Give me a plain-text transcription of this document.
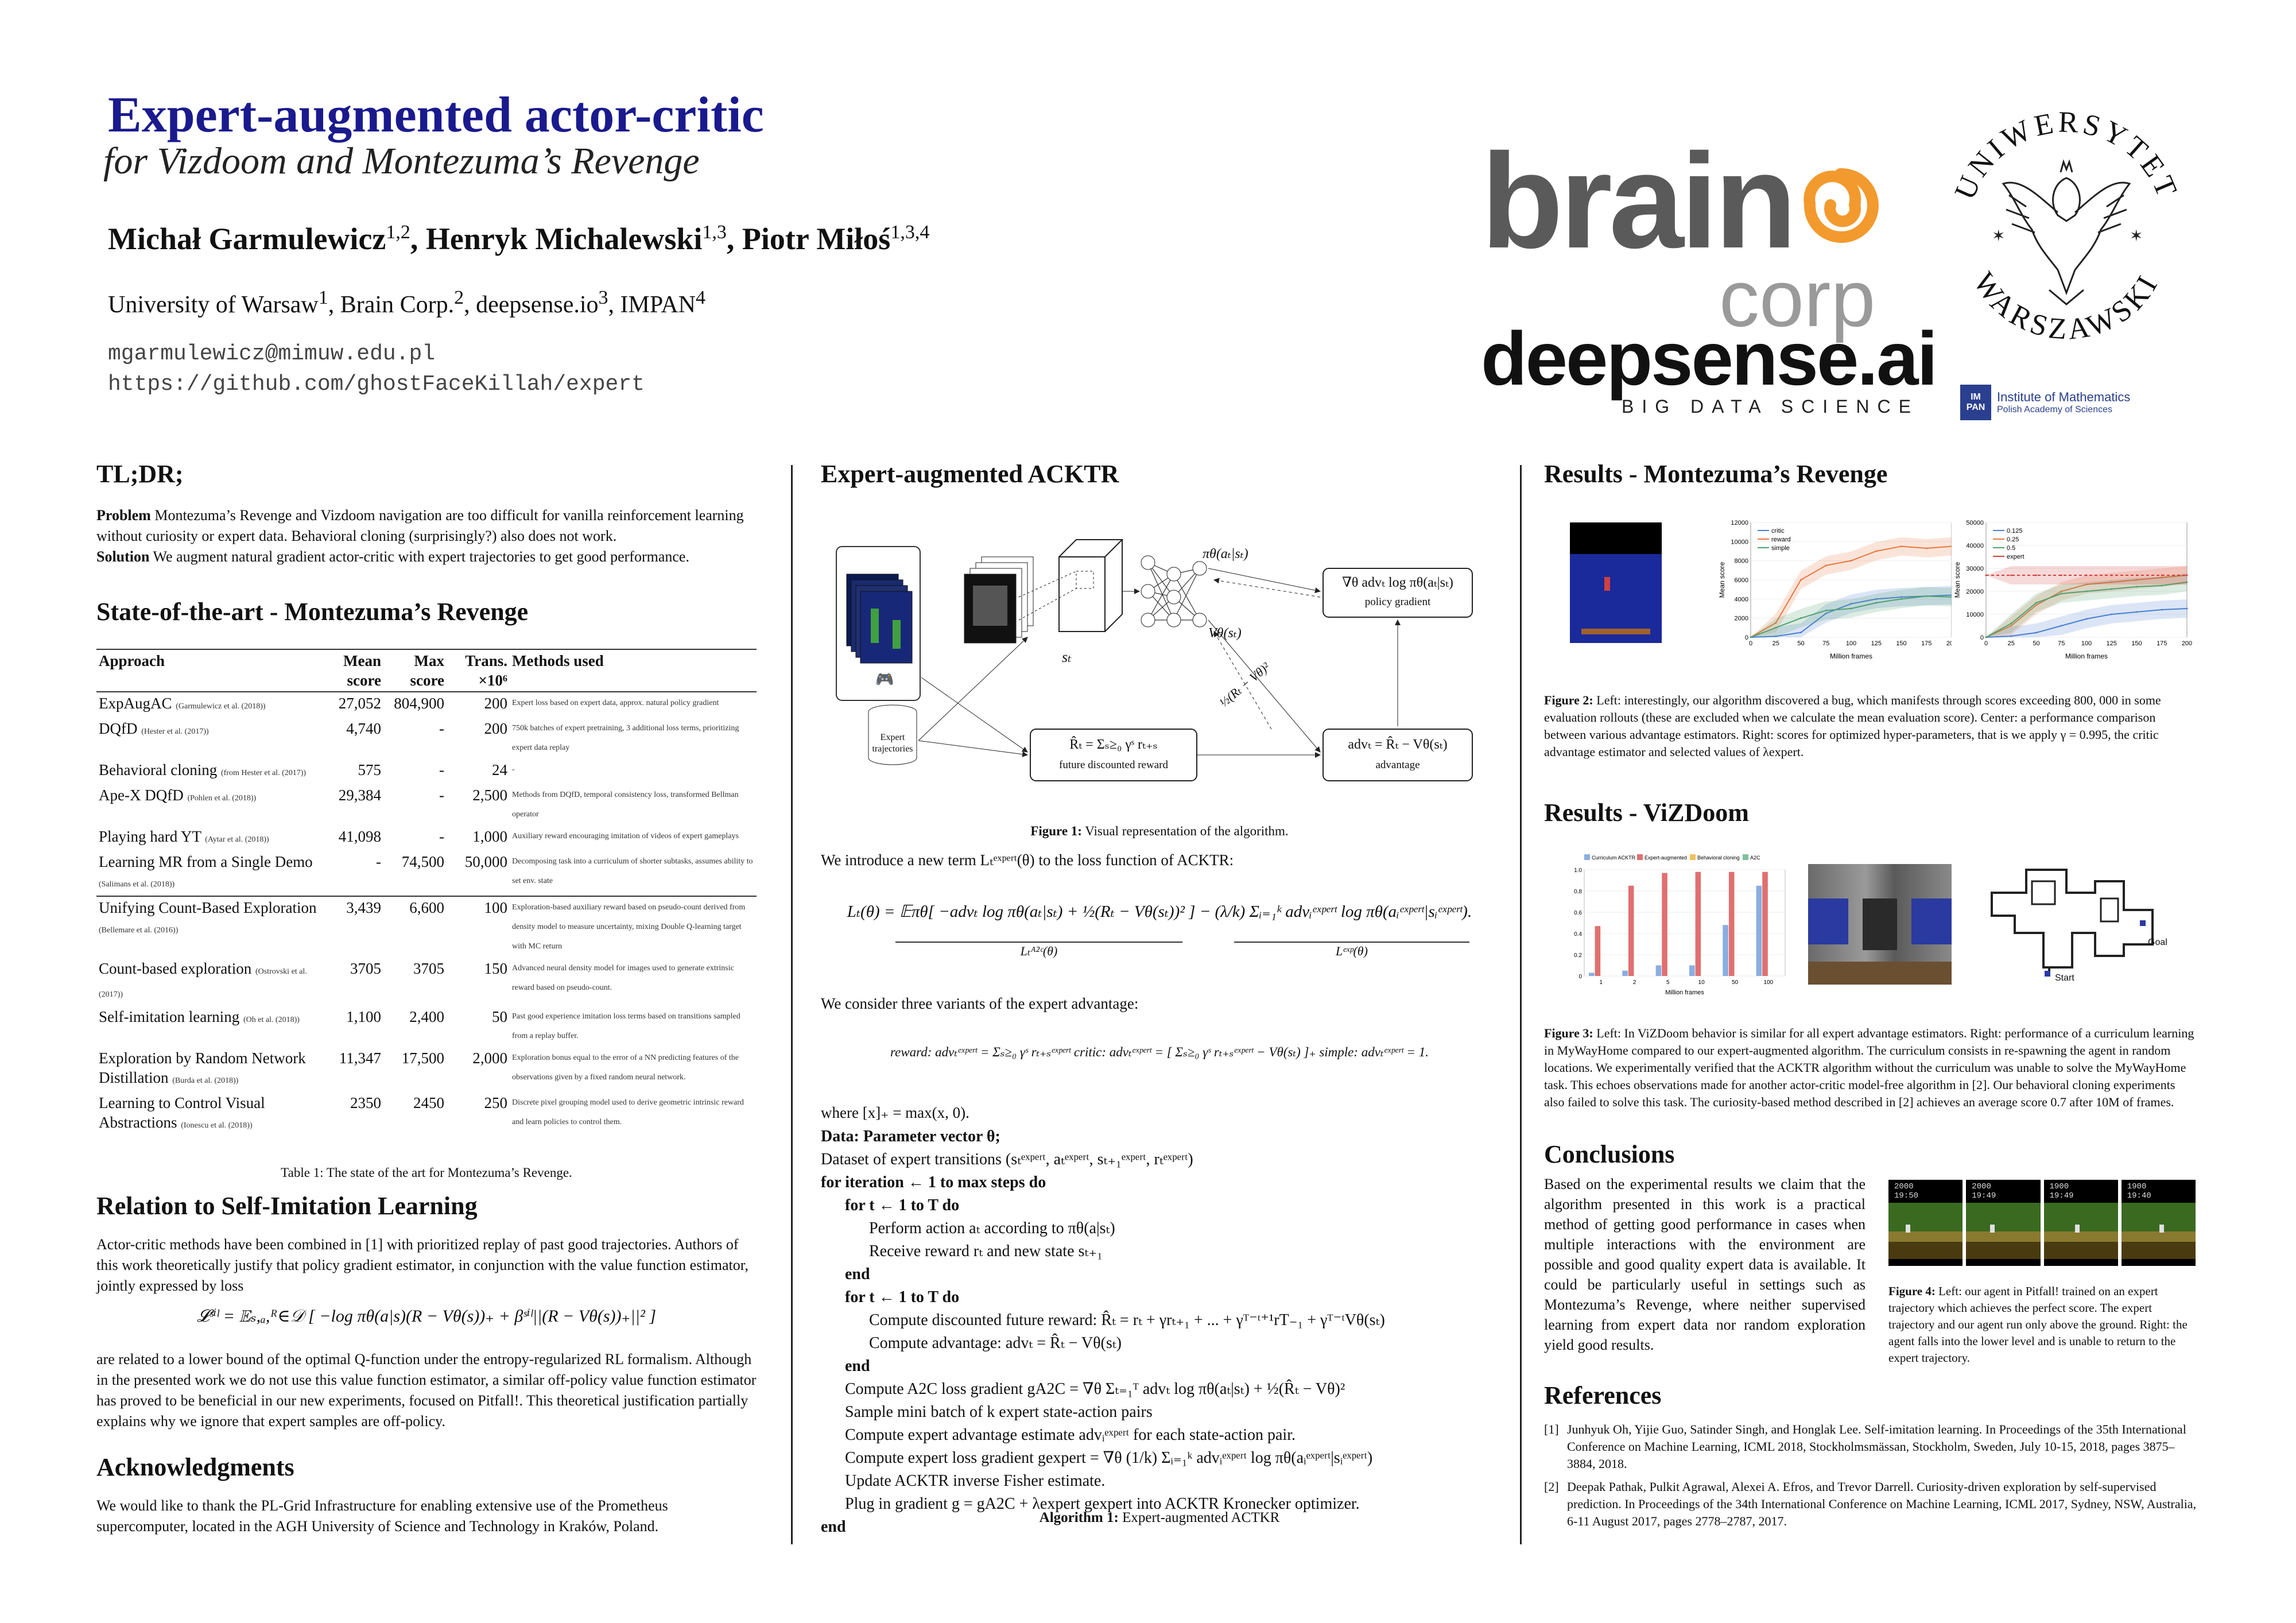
Expert-augmented actor-critic
for Vizdoom and Montezuma’s Revenge
Michał Garmulewicz$^{1,2}$, Henryk Michalewski$^{1,3}$, Piotr Miłoś$^{1,3,4}$
University of Warsaw$^1$, Brain Corp.$^2$, $deepsense.io^3$, IMPAN$^4$
mgarmulewicz@mimuw.edu.pl
https://github.com/ghostFaceKillah/expert
brain
corp
deepsense.ai
BIG DATA SCIENCE
UNIWERSYTET
WARSZAWSKI
✶	✶
IM PAN
Institute of Mathematics
Polish Academy of Sciences
TL;DR;
Problem Montezuma’s Revenge and Vizdoom navigation are too difficult for vanilla reinforcement learning without curiosity or expert data. Behavioral cloning (surprisingly?) also does not work.
Solution We augment natural gradient actor-critic with expert trajectories to get good performance.
State-of-the-art - Montezuma’s Revenge
Approach	Mean score	Max score	Trans. ×10⁶	Methods used
ExpAugAC (Garmulewicz et al. (2018))	27,052	804,900	200	Expert loss based on expert data, approx. natural policy gradient
DQfD (Hester et al. (2017))	4,740	-	200	750k batches of expert pretraining, 3 additional loss terms, prioritizing expert data replay
Behavioral cloning (from Hester et al. (2017))	575	-	24	-
Ape-X DQfD (Pohlen et al. (2018))	29,384	-	2,500	Methods from DQfD, temporal consistency loss, transformed Bellman operator
Playing hard YT (Aytar et al. (2018))	41,098	-	1,000	Auxiliary reward encouraging imitation of videos of expert gameplays
Learning MR from a Single Demo (Salimans et al. (2018))	-	74,500	50,000	Decomposing task into a curriculum of shorter subtasks, assumes ability to set env. state
Unifying Count-Based Exploration (Bellemare et al. (2016))	3,439	6,600	100	Exploration-based auxiliary reward based on pseudo-count derived from density model to measure uncertainty, mixing Double Q-learning target with MC return
Count-based exploration (Ostrovski et al. (2017))	3705	3705	150	Advanced neural density model for images used to generate extrinsic reward based on pseudo-count.
Self-imitation learning (Oh et al. (2018))	1,100	2,400	50	Past good experience imitation loss terms based on transitions sampled from a replay buffer.
Exploration by Random Network Distillation (Burda et al. (2018))	11,347	17,500	2,000	Exploration bonus equal to the error of a NN predicting features of the observations given by a fixed random neural network.
Learning to Control Visual Abstractions (Ionescu et al. (2018))	2350	2450	250	Discrete pixel grouping model used to derive geometric intrinsic reward and learn policies to control them.
Table 1: The state of the art for Montezuma’s Revenge.
Relation to Self-Imitation Learning
Actor-critic methods have been combined in [1] with prioritized replay of past good trajectories. Authors of this work theoretically justify that policy gradient estimator, in conjunction with the value function estimator, jointly expressed by loss
𝓛ˢⁱˡ = 𝔼ₛ,ₐ,ᴿ∈𝒟 [ −log πθ(a|s)(R − Vθ(s))₊ + βˢⁱˡ||(R − Vθ(s))₊||² ]
are related to a lower bound of the optimal Q-function under the entropy-regularized RL formalism. Although in the presented work we do not use this value function estimator, a similar off-policy value function estimator has proved to be beneficial in our new experiments, focused on Pitfall!. This theoretical justification partially explains why we ignore that expert samples are off-policy.
Acknowledgments
We would like to thank the PL-Grid Infrastructure for enabling extensive use of the Prometheus supercomputer, located in the AGH University of Science and Technology in Kraków, Poland.
Expert-augmented ACKTR
🎮
πθ(aₜ|sₜ)
∇θ advₜ log πθ(aₜ|sₜ)
policy gradient
Vθ(sₜ)
½(Rₜ − Vθ)²
sₜ
Expert
trajectories	R̂ₜ = Σₛ≥₀ γˢ rₜ₊ₛ
future discounted reward
advₜ = R̂ₜ − Vθ(sₜ)
advantage
Figure 1: Visual representation of the algorithm.
We introduce a new term Lₜᵉˣᵖᵉʳᵗ(θ) to the loss function of ACKTR:
Lₜ(θ) = 𝔼πθ[ −advₜ log πθ(aₜ|sₜ) + ½(Rₜ − Vθ(sₜ))² ] − (λ/k) Σᵢ₌₁ᵏ advᵢᵉˣᵖᵉʳᵗ log πθ(aᵢᵉˣᵖᵉʳᵗ|sᵢᵉˣᵖᵉʳᵗ).
Lₜᴬ²ᶜ(θ)	Lᵉˣᵖ(θ)
We consider three variants of the expert advantage:
reward: advₜᵉˣᵖᵉʳᵗ = Σₛ≥₀ γˢ rₜ₊ₛᵉˣᵖᵉʳᵗ critic: advₜᵉˣᵖᵉʳᵗ = [ Σₛ≥₀ γˢ rₜ₊ₛᵉˣᵖᵉʳᵗ − Vθ(sₜ) ]₊ simple: advₜᵉˣᵖᵉʳᵗ = 1.
where [x]₊ = max(x, 0).
Data: Parameter vector θ;
Dataset of expert transitions (sₜᵉˣᵖᵉʳᵗ, aₜᵉˣᵖᵉʳᵗ, sₜ₊₁ᵉˣᵖᵉʳᵗ, rₜᵉˣᵖᵉʳᵗ)
for iteration ← 1 to max steps do
for t ← 1 to T do
Perform action aₜ according to πθ(a|sₜ)
Receive reward rₜ and new state sₜ₊₁
end
for t ← 1 to T do
Compute discounted future reward: R̂ₜ = rₜ + γrₜ₊₁ + ... + γᵀ⁻ᵗ⁺¹rT₋₁ + γᵀ⁻ᵗVθ(sₜ)
Compute advantage: advₜ = R̂ₜ − Vθ(sₜ)
end
Compute A2C loss gradient gA2C = ∇θ Σₜ₌₁ᵀ advₜ log πθ(aₜ|sₜ) + ½(R̂ₜ − Vθ)²
Sample mini batch of k expert state-action pairs
Compute expert advantage estimate advᵢᵉˣᵖᵉʳᵗ for each state-action pair.
Compute expert loss gradient gexpert = ∇θ (1/k) Σᵢ₌₁ᵏ advᵢᵉˣᵖᵉʳᵗ log πθ(aᵢᵉˣᵖᵉʳᵗ|sᵢᵉˣᵖᵉʳᵗ)
Update ACKTR inverse Fisher estimate.
Plug in gradient g = gA2C + λexpert gexpert into ACKTR Kronecker optimizer.
end
Algorithm 1: Expert-augmented ACTKR
Results - Montezuma’s Revenge
0
2000
4000
6000
8000
10000
12000
0	25	50	75	100 125 150 175 200
Million frames
Mean score
critic
reward
simple
0
10000
20000
30000
40000
50000
0	25	50	75	100 125 150 175 200
Million frames
Mean score
0.125
0.25
0.5
expert
Figure 2: Left: interestingly, our algorithm discovered a bug, which manifests through scores exceeding 800, 000 in some evaluation rollouts (these are excluded when we calculate the mean evaluation score). Center: a performance comparison between various advantage estimators. Right: scores for optimized hyper-parameters, that is we apply γ = 0.995, the critic advantage estimator and selected values of λexpert.
Results - ViZDoom
0
0.2
0.4
0.6
0.8
1.0
1	2	5	10	50	100
Million frames
Curriculum ACKTR Expert-augmented Behavioral cloning A2C
Goal
Start
Figure 3: Left: In ViZDoom behavior is similar for all expert advantage estimators. Right: performance of a curriculum learning in MyWayHome compared to our expert-augmented algorithm. The curriculum consists in re-spawning the agent in random locations. We experimentally verified that the ACKTR algorithm without the curriculum was unable to solve the MyWayHome task. This echoes observations made for another actor-critic model-free algorithm in [2]. Our behavioral cloning experiments also failed to solve this task. The curiosity-based method described in [2] achieves an average score 0.7 after 10M of frames.
Conclusions
Based on the experimental results we claim that the algorithm presented in this work is a practical method of getting good performance in cases when multiple interactions with the environment are possible and good quality expert data is available. It could be particularly useful in settings such as Montezuma’s Revenge, where neither supervised learning from expert data nor random exploration yield good results.
2000
19:50
2000
19:49
1900
19:49
1900
19:40
Figure 4: Left: our agent in Pitfall! trained on an expert trajectory which achieves the perfect score. The expert trajectory and our agent run only above the ground. Right: the agent falls into the lower level and is unable to return to the expert trajectory.
References
[1] Junhyuk Oh, Yijie Guo, Satinder Singh, and Honglak Lee. Self-imitation learning. In Proceedings of the 35th International Conference on Machine Learning, ICML 2018, Stockholmsmässan, Stockholm, Sweden, July 10-15, 2018, pages 3875–3884, 2018.
[2] Deepak Pathak, Pulkit Agrawal, Alexei A. Efros, and Trevor Darrell. Curiosity-driven exploration by self-supervised prediction. In Proceedings of the 34th International Conference on Machine Learning, ICML 2017, Sydney, NSW, Australia, 6-11 August 2017, pages 2778–2787, 2017.
